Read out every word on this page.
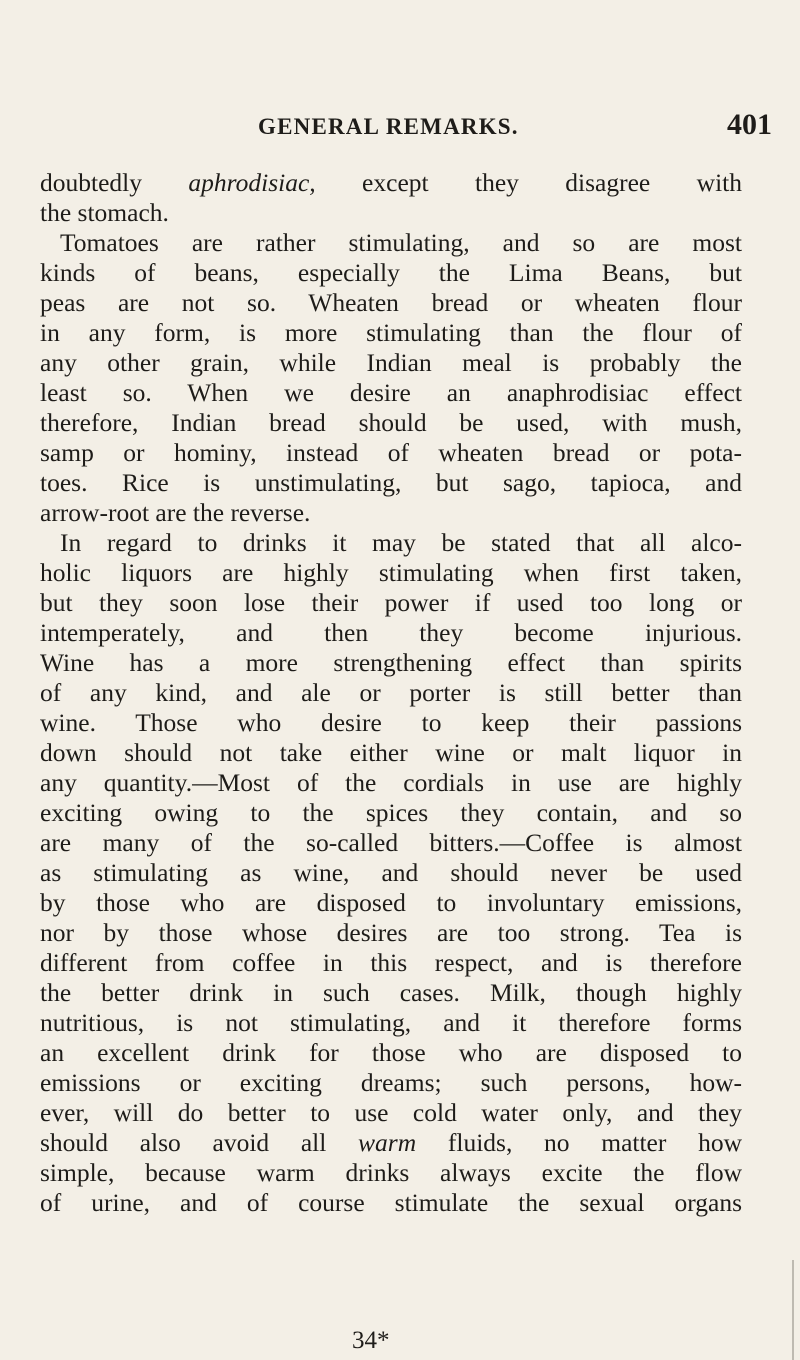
GENERAL REMARKS.	401
doubtedly aphrodisiac, except they disagree with
the stomach.
Tomatoes are rather stimulating, and so are most
kinds of beans, especially the Lima Beans, but
peas are not so. Wheaten bread or wheaten flour
in any form, is more stimulating than the flour of
any other grain, while Indian meal is probably the
least so. When we desire an anaphrodisiac effect
therefore, Indian bread should be used, with mush,
samp or hominy, instead of wheaten bread or pota-
toes. Rice is unstimulating, but sago, tapioca, and
arrow-root are the reverse.
In regard to drinks it may be stated that all alco-
holic liquors are highly stimulating when first taken,
but they soon lose their power if used too long or
intemperately, and then they become injurious.
Wine has a more strengthening effect than spirits
of any kind, and ale or porter is still better than
wine. Those who desire to keep their passions
down should not take either wine or malt liquor in
any quantity.—Most of the cordials in use are highly
exciting owing to the spices they contain, and so
are many of the so-called bitters.—Coffee is almost
as stimulating as wine, and should never be used
by those who are disposed to involuntary emissions,
nor by those whose desires are too strong. Tea is
different from coffee in this respect, and is therefore
the better drink in such cases. Milk, though highly
nutritious, is not stimulating, and it therefore forms
an excellent drink for those who are disposed to
emissions or exciting dreams; such persons, how-
ever, will do better to use cold water only, and they
should also avoid all warm fluids, no matter how
simple, because warm drinks always excite the flow
of urine, and of course stimulate the sexual organs
34*
